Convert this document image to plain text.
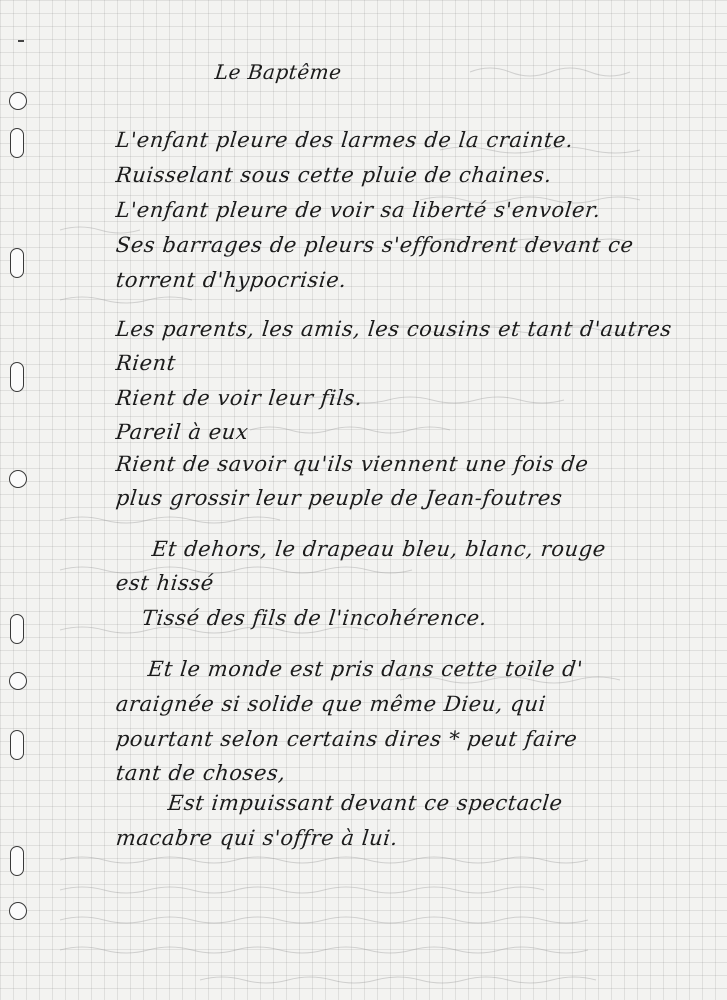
Le Baptême

L'enfant pleure des larmes de la crainte.

Ruisselant sous cette pluie de chaines.

L'enfant pleure de voir sa liberté s'envoler.

Ses barrages de pleurs s'effondrent devant ce

torrent d'hypocrisie.

Les parents, les amis, les cousins et tant d'autres

Rient

Rient de voir leur fils.

Pareil à eux

Rient de savoir qu'ils viennent une fois de

plus grossir leur peuple de Jean-foutres

Et dehors, le drapeau bleu, blanc, rouge

est hissé

Tissé des fils de l'incohérence.

Et le monde est pris dans cette toile d'

araignée si solide que même Dieu, qui

pourtant selon certains dires * peut faire

tant de choses,

Est impuissant devant ce spectacle

macabre qui s'offre à lui.
